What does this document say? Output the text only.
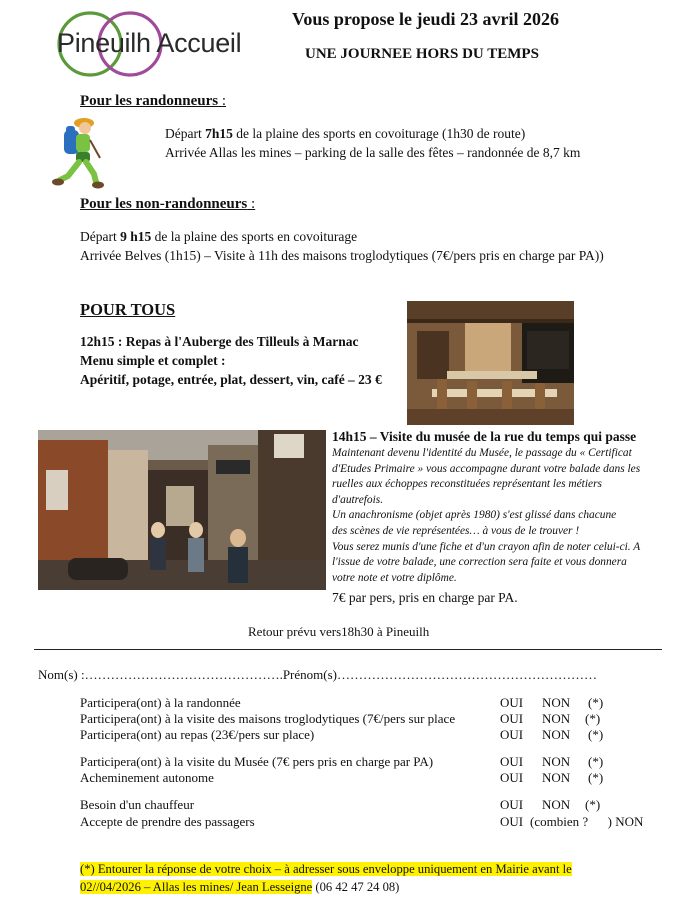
Pineuilh Accueil
Vous propose le jeudi 23 avril 2026
UNE JOURNEE HORS DU TEMPS
Pour les randonneurs :
Départ 7h15 de la plaine des sports en covoiturage (1h30 de route)
Arrivée Allas les mines – parking de la salle des fêtes – randonnée de 8,7 km
Pour les non-randonneurs :
Départ 9 h15 de la plaine des sports en covoiturage
Arrivée Belves (1h15) – Visite à 11h des maisons troglodytiques (7€/pers pris en charge par PA))
POUR TOUS
12h15 : Repas à l'Auberge des Tilleuls à Marnac
Menu simple et complet :
Apéritif, potage, entrée, plat, dessert, vin, café – 23 €
14h15 – Visite du musée de la rue du temps qui passe
Maintenant devenu l'identité du Musée, le passage du « Certificat
d'Etudes Primaire » vous accompagne durant votre balade dans les
ruelles aux échoppes reconstituées représentant les métiers
d'autrefois.
Un anachronisme (objet après 1980) s'est glissé dans chacune
des scènes de vie représentées… à vous de le trouver !
Vous serez munis d'une fiche et d'un crayon afin de noter celui-ci. A
l'issue de votre balade, une correction sera faite et vous donnera
votre note et votre diplôme.
7€ par pers, pris en charge par PA.
Retour prévu vers18h30 à Pineuilh
Nom(s) :……………………………………….Prénom(s)……………………………………………………
Participera(ont) à la randonnée	OUI NON (*)
Participera(ont) à la visite des maisons troglodytiques (7€/pers sur place	OUI NON (*)
Participera(ont) au repas (23€/pers sur place)	OUI NON (*)
Participera(ont) à la visite du Musée (7€ pers pris en charge par PA)	OUI NON (*)
Acheminement autonome	OUI NON (*)
Besoin d'un chauffeur	OUI NON (*)
Accepte de prendre des passagers	OUI (combien ?      ) NON
(*) Entourer la réponse de votre choix – à adresser sous enveloppe uniquement en Mairie avant le
02//04/2026 – Allas les mines/ Jean Lesseigne (06 42 47 24 08)
